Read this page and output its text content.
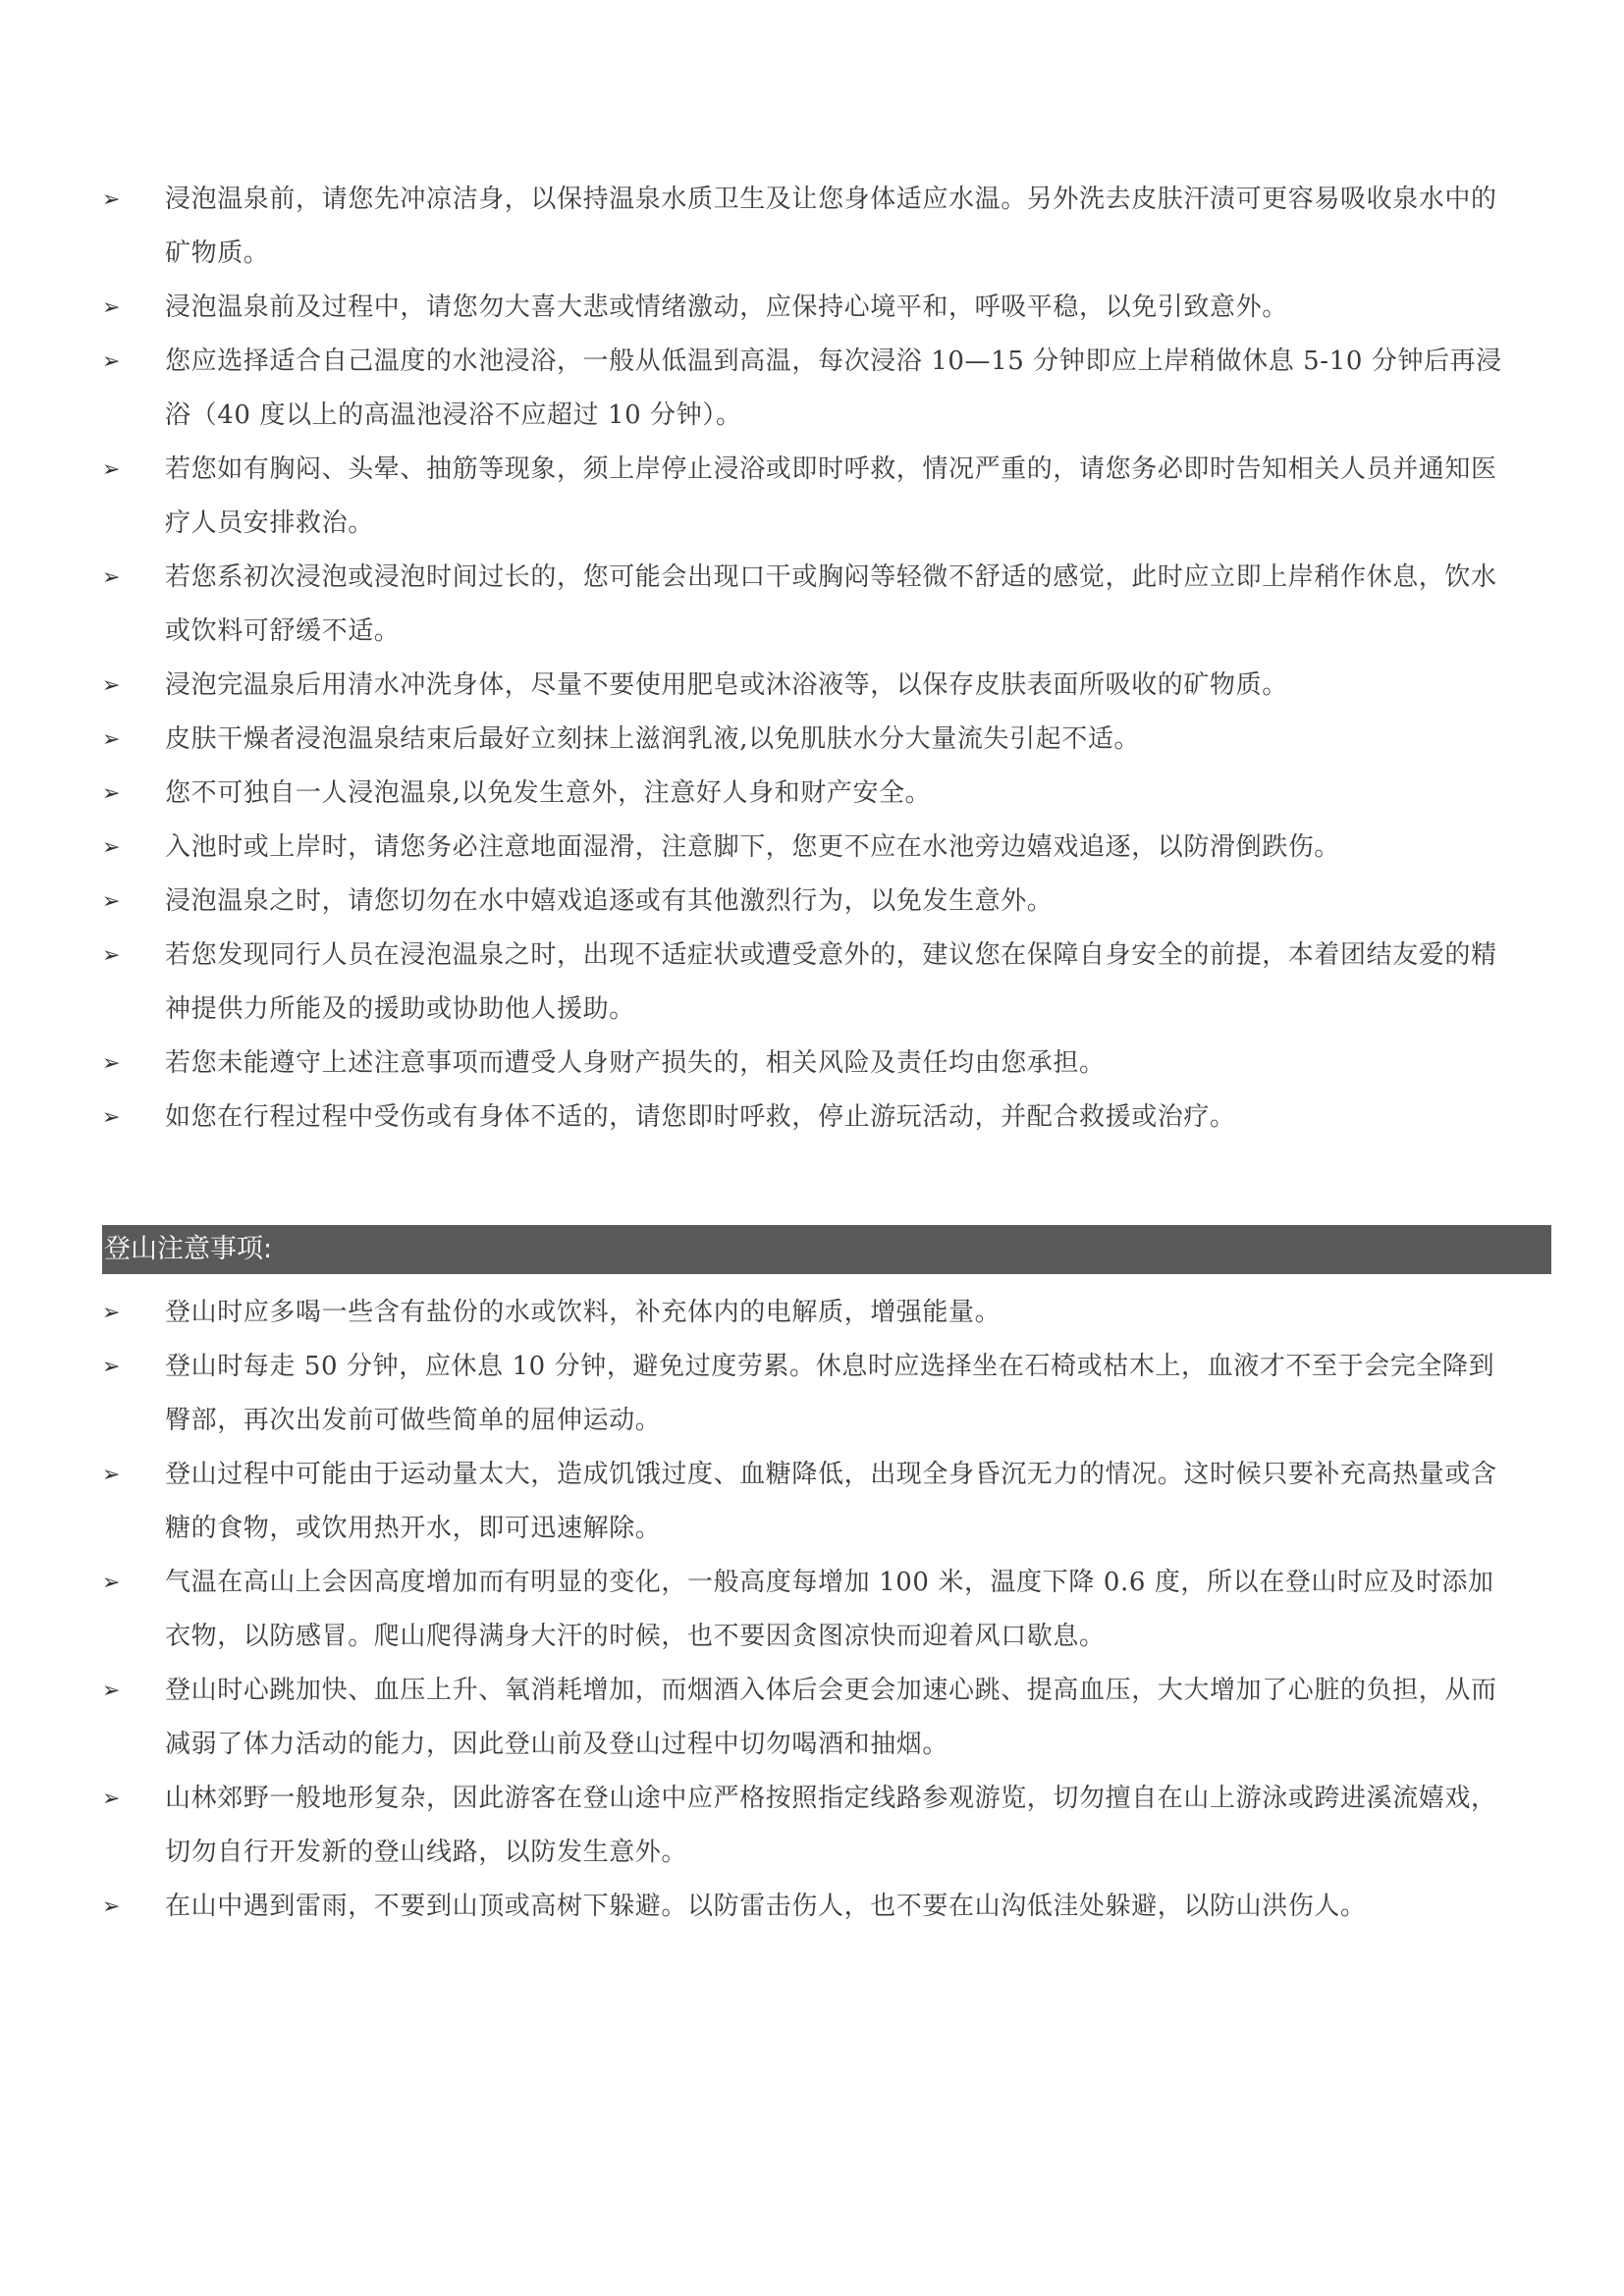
➢	浸泡温泉前，请您先冲凉洁身，以保持温泉水质卫生及让您身体适应水温。另外洗去皮肤汗渍可更容易吸收泉水中的矿物质。
➢	浸泡温泉前及过程中，请您勿大喜大悲或情绪激动，应保持心境平和，呼吸平稳，以免引致意外。
➢	您应选择适合自己温度的水池浸浴，一般从低温到高温，每次浸浴 10—15 分钟即应上岸稍做休息 5-10 分钟后再浸浴（40 度以上的高温池浸浴不应超过 10 分钟）。
➢	若您如有胸闷、头晕、抽筋等现象，须上岸停止浸浴或即时呼救，情况严重的，请您务必即时告知相关人员并通知医疗人员安排救治。
➢	若您系初次浸泡或浸泡时间过长的，您可能会出现口干或胸闷等轻微不舒适的感觉，此时应立即上岸稍作休息，饮水或饮料可舒缓不适。
➢	浸泡完温泉后用清水冲洗身体，尽量不要使用肥皂或沐浴液等，以保存皮肤表面所吸收的矿物质。
➢	皮肤干燥者浸泡温泉结束后最好立刻抹上滋润乳液,以免肌肤水分大量流失引起不适。
➢	您不可独自一人浸泡温泉,以免发生意外，注意好人身和财产安全。
➢	入池时或上岸时，请您务必注意地面湿滑，注意脚下，您更不应在水池旁边嬉戏追逐，以防滑倒跌伤。
➢	浸泡温泉之时，请您切勿在水中嬉戏追逐或有其他激烈行为，以免发生意外。
➢	若您发现同行人员在浸泡温泉之时，出现不适症状或遭受意外的，建议您在保障自身安全的前提，本着团结友爱的精神提供力所能及的援助或协助他人援助。
➢	若您未能遵守上述注意事项而遭受人身财产损失的，相关风险及责任均由您承担。
➢	如您在行程过程中受伤或有身体不适的，请您即时呼救，停止游玩活动，并配合救援或治疗。
登山注意事项:
➢	登山时应多喝一些含有盐份的水或饮料，补充体内的电解质，增强能量。
➢	登山时每走 50 分钟，应休息 10 分钟，避免过度劳累。休息时应选择坐在石椅或枯木上，血液才不至于会完全降到臀部，再次出发前可做些简单的屈伸运动。
➢	登山过程中可能由于运动量太大，造成饥饿过度、血糖降低，出现全身昏沉无力的情况。这时候只要补充高热量或含糖的食物，或饮用热开水，即可迅速解除。
➢	气温在高山上会因高度增加而有明显的变化，一般高度每增加 100 米，温度下降 0.6 度，所以在登山时应及时添加衣物，以防感冒。爬山爬得满身大汗的时候，也不要因贪图凉快而迎着风口歇息。
➢	登山时心跳加快、血压上升、氧消耗增加，而烟酒入体后会更会加速心跳、提高血压，大大增加了心脏的负担，从而减弱了体力活动的能力，因此登山前及登山过程中切勿喝酒和抽烟。
➢	山林郊野一般地形复杂，因此游客在登山途中应严格按照指定线路参观游览，切勿擅自在山上游泳或跨进溪流嬉戏，切勿自行开发新的登山线路，以防发生意外。
➢	在山中遇到雷雨，不要到山顶或高树下躲避。以防雷击伤人，也不要在山沟低洼处躲避，以防山洪伤人。
